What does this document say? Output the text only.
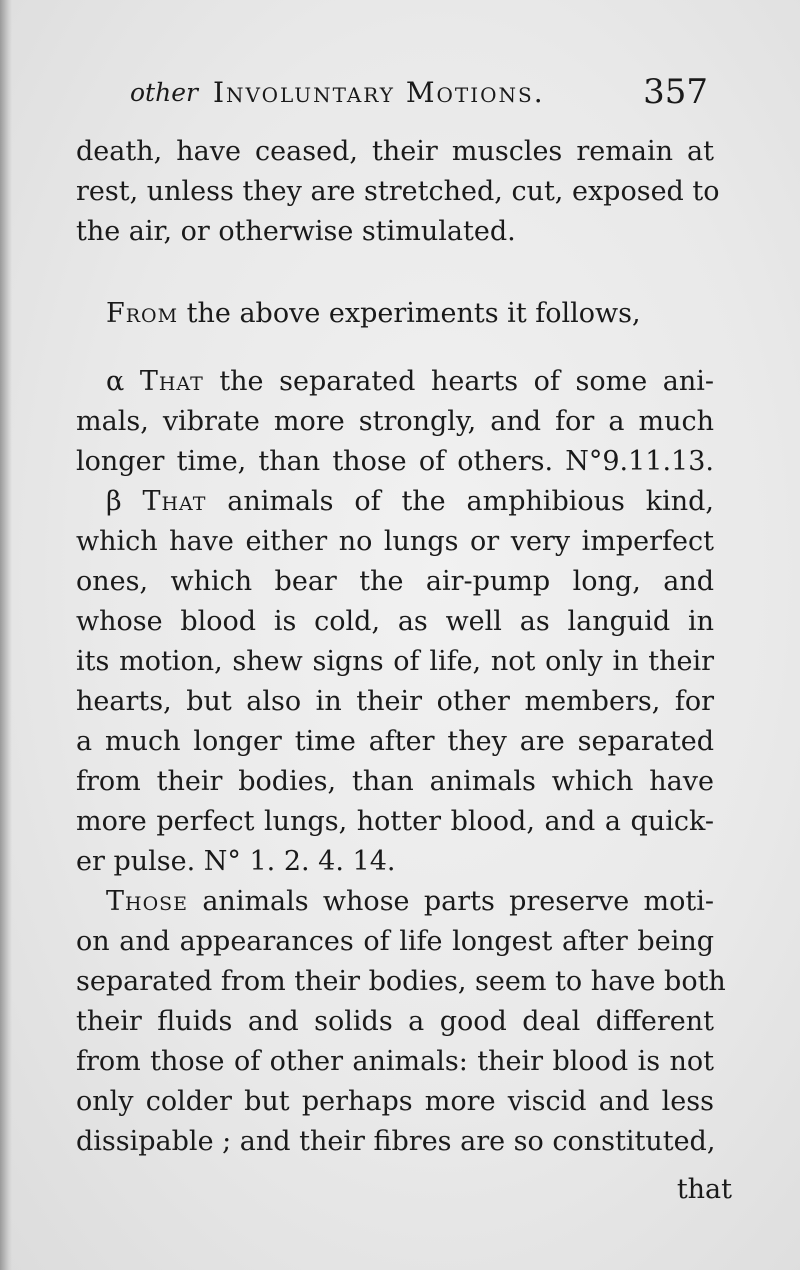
other Involuntary Motions.	357
death, have ceased, their muscles remain at
rest, unless they are stretched, cut, exposed to
the air, or otherwise stimulated.
From the above experiments it follows,
α That the separated hearts of some ani-
mals, vibrate more strongly, and for a much
longer time, than those of others. N°9.11.13.
β That animals of the amphibious kind,
which have either no lungs or very imperfect
ones, which bear the air-pump long, and
whose blood is cold, as well as languid in
its motion, shew signs of life, not only in their
hearts, but also in their other members, for
a much longer time after they are separated
from their bodies, than animals which have
more perfect lungs, hotter blood, and a quick-
er pulse. N° 1. 2. 4. 14.
Those animals whose parts preserve moti-
on and appearances of life longest after being
separated from their bodies, seem to have both
their fluids and solids a good deal different
from those of other animals: their blood is not
only colder but perhaps more viscid and less
dissipable ; and their fibres are so constituted,
that
